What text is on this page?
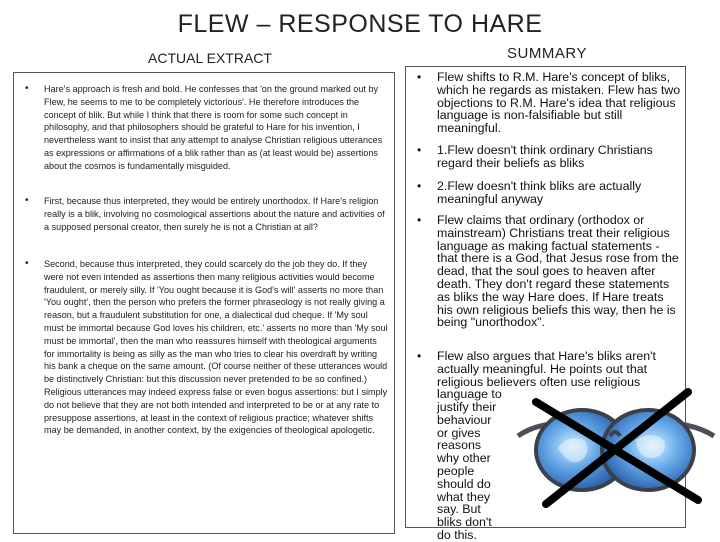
FLEW – RESPONSE TO HARE
ACTUAL EXTRACT
• Hare's approach is fresh and bold. He confesses that 'on the ground marked out by Flew, he seems to me to be completely victorious'. He therefore introduces the concept of blik. But while I think that there is room for some such concept in philosophy, and that philosophers should be grateful to Hare for his invention, I nevertheless want to insist that any attempt to analyse Christian religious utterances as expressions or affirmations of a blik rather than as (at least would be) assertions about the cosmos is fundamentally misguided.
• First, because thus interpreted, they would be entirely unorthodox. If Hare's religion really is a blik, involving no cosmological assertions about the nature and activities of a supposed personal creator, then surely he is not a Christian at all?
• Second, because thus interpreted, they could scarcely do the job they do. If they were not even intended as assertions then many religious activities would become fraudulent, or merely silly. If 'You ought because it is God's will' asserts no more than 'You ought', then the person who prefers the former phraseology is not really giving a reason, but a fraudulent substitution for one, a dialectical dud cheque. If 'My soul must be immortal because God loves his children, etc.' asserts no more than 'My soul must be immortal', then the man who reassures himself with theological arguments for immortality is being as silly as the man who tries to clear his overdraft by writing his bank a cheque on the same amount. (Of course neither of these utterances would be distinctively Christian: but this discussion never pretended to be so confined.) Religious utterances may indeed express false or even bogus assertions: but I simply do not believe that they are not both intended and interpreted to be or at any rate to presuppose assertions, at least in the context of religious practice; whatever shifts may be demanded, in another context, by the exigencies of theological apologetic.
SUMMARY
• Flew shifts to R.M. Hare's concept of bliks, which he regards as mistaken. Flew has two objections to R.M. Hare's idea that religious language is non-falsifiable but still meaningful.
• 1.Flew doesn't think ordinary Christians regard their beliefs as bliks
• 2.Flew doesn't think bliks are actually meaningful anyway
• Flew claims that ordinary (orthodox or mainstream) Christians treat their religious language as making factual statements - that there is a God, that Jesus rose from the dead, that the soul goes to heaven after death. They don't regard these statements as bliks the way Hare does. If Hare treats his own religious beliefs this way, then he is being "unorthodox".
• Flew also argues that Hare's bliks aren't actually meaningful. He points out that religious believers often use religious language to
justify their behaviour or gives reasons why other people should do what they say. But bliks don't do this.
